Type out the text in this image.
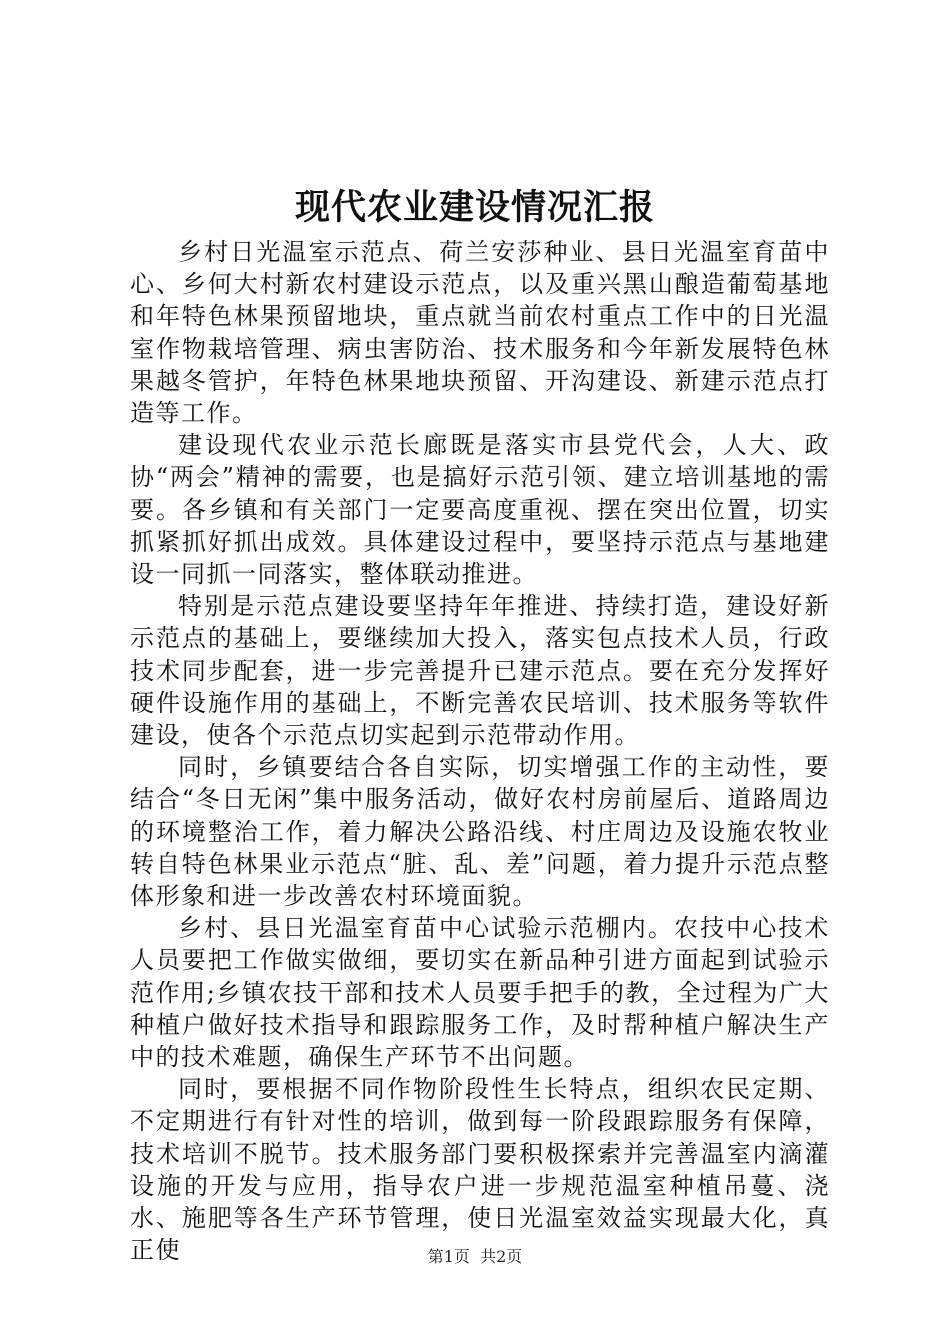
现代农业建设情况汇报

乡村日光温室示范点、荷兰安莎种业、县日光温室育苗中心、乡何大村新农村建设示范点，以及重兴黑山酿造葡萄基地和年特色林果预留地块，重点就当前农村重点工作中的日光温室作物栽培管理、病虫害防治、技术服务和今年新发展特色林果越冬管护，年特色林果地块预留、开沟建设、新建示范点打造等工作。

建设现代农业示范长廊既是落实市县党代会，人大、政协“两会”精神的需要，也是搞好示范引领、建立培训基地的需要。各乡镇和有关部门一定要高度重视、摆在突出位置，切实抓紧抓好抓出成效。具体建设过程中，要坚持示范点与基地建设一同抓一同落实，整体联动推进。

特别是示范点建设要坚持年年推进、持续打造，建设好新示范点的基础上，要继续加大投入，落实包点技术人员，行政技术同步配套，进一步完善提升已建示范点。要在充分发挥好硬件设施作用的基础上，不断完善农民培训、技术服务等软件建设，使各个示范点切实起到示范带动作用。

同时，乡镇要结合各自实际，切实增强工作的主动性，要结合“冬日无闲”集中服务活动，做好农村房前屋后、道路周边的环境整治工作，着力解决公路沿线、村庄周边及设施农牧业转自特色林果业示范点“脏、乱、差”问题，着力提升示范点整体形象和进一步改善农村环境面貌。

乡村、县日光温室育苗中心试验示范棚内。农技中心技术人员要把工作做实做细，要切实在新品种引进方面起到试验示范作用;乡镇农技干部和技术人员要手把手的教，全过程为广大种植户做好技术指导和跟踪服务工作，及时帮种植户解决生产中的技术难题，确保生产环节不出问题。

同时，要根据不同作物阶段性生长特点，组织农民定期、不定期进行有针对性的培训，做到每一阶段跟踪服务有保障，技术培训不脱节。技术服务部门要积极探索并完善温室内滴灌设施的开发与应用，指导农户进一步规范温室种植吊蔓、浇水、施肥等各生产环节管理，使日光温室效益实现最大化，真正使	第1页 共2页
